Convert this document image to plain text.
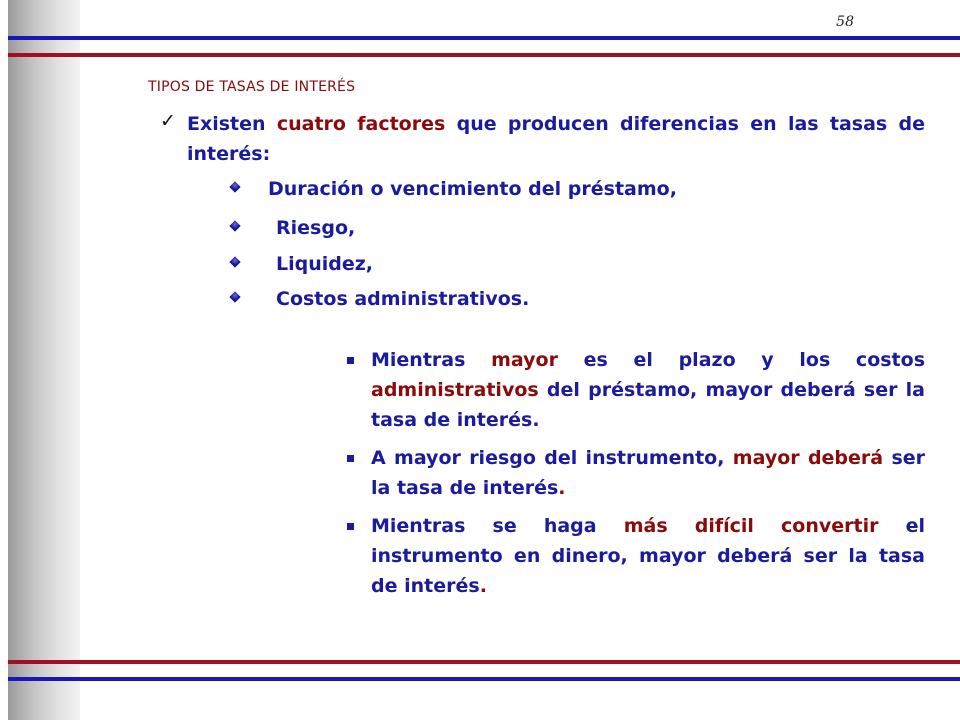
58
TIPOS DE TASAS DE INTERÉS
✓ Existen cuatro factores que producen diferencias en las tasas de interés:

Duración o vencimiento del préstamo,

Riesgo,

Liquidez,

Costos administrativos.

Mientras mayor es el plazo y los costos administrativos del préstamo, mayor deberá ser la tasa de interés.
A mayor riesgo del instrumento, mayor deberá ser la tasa de interés.
Mientras se haga más difícil convertir el instrumento en dinero, mayor deberá ser la tasa de interés.
